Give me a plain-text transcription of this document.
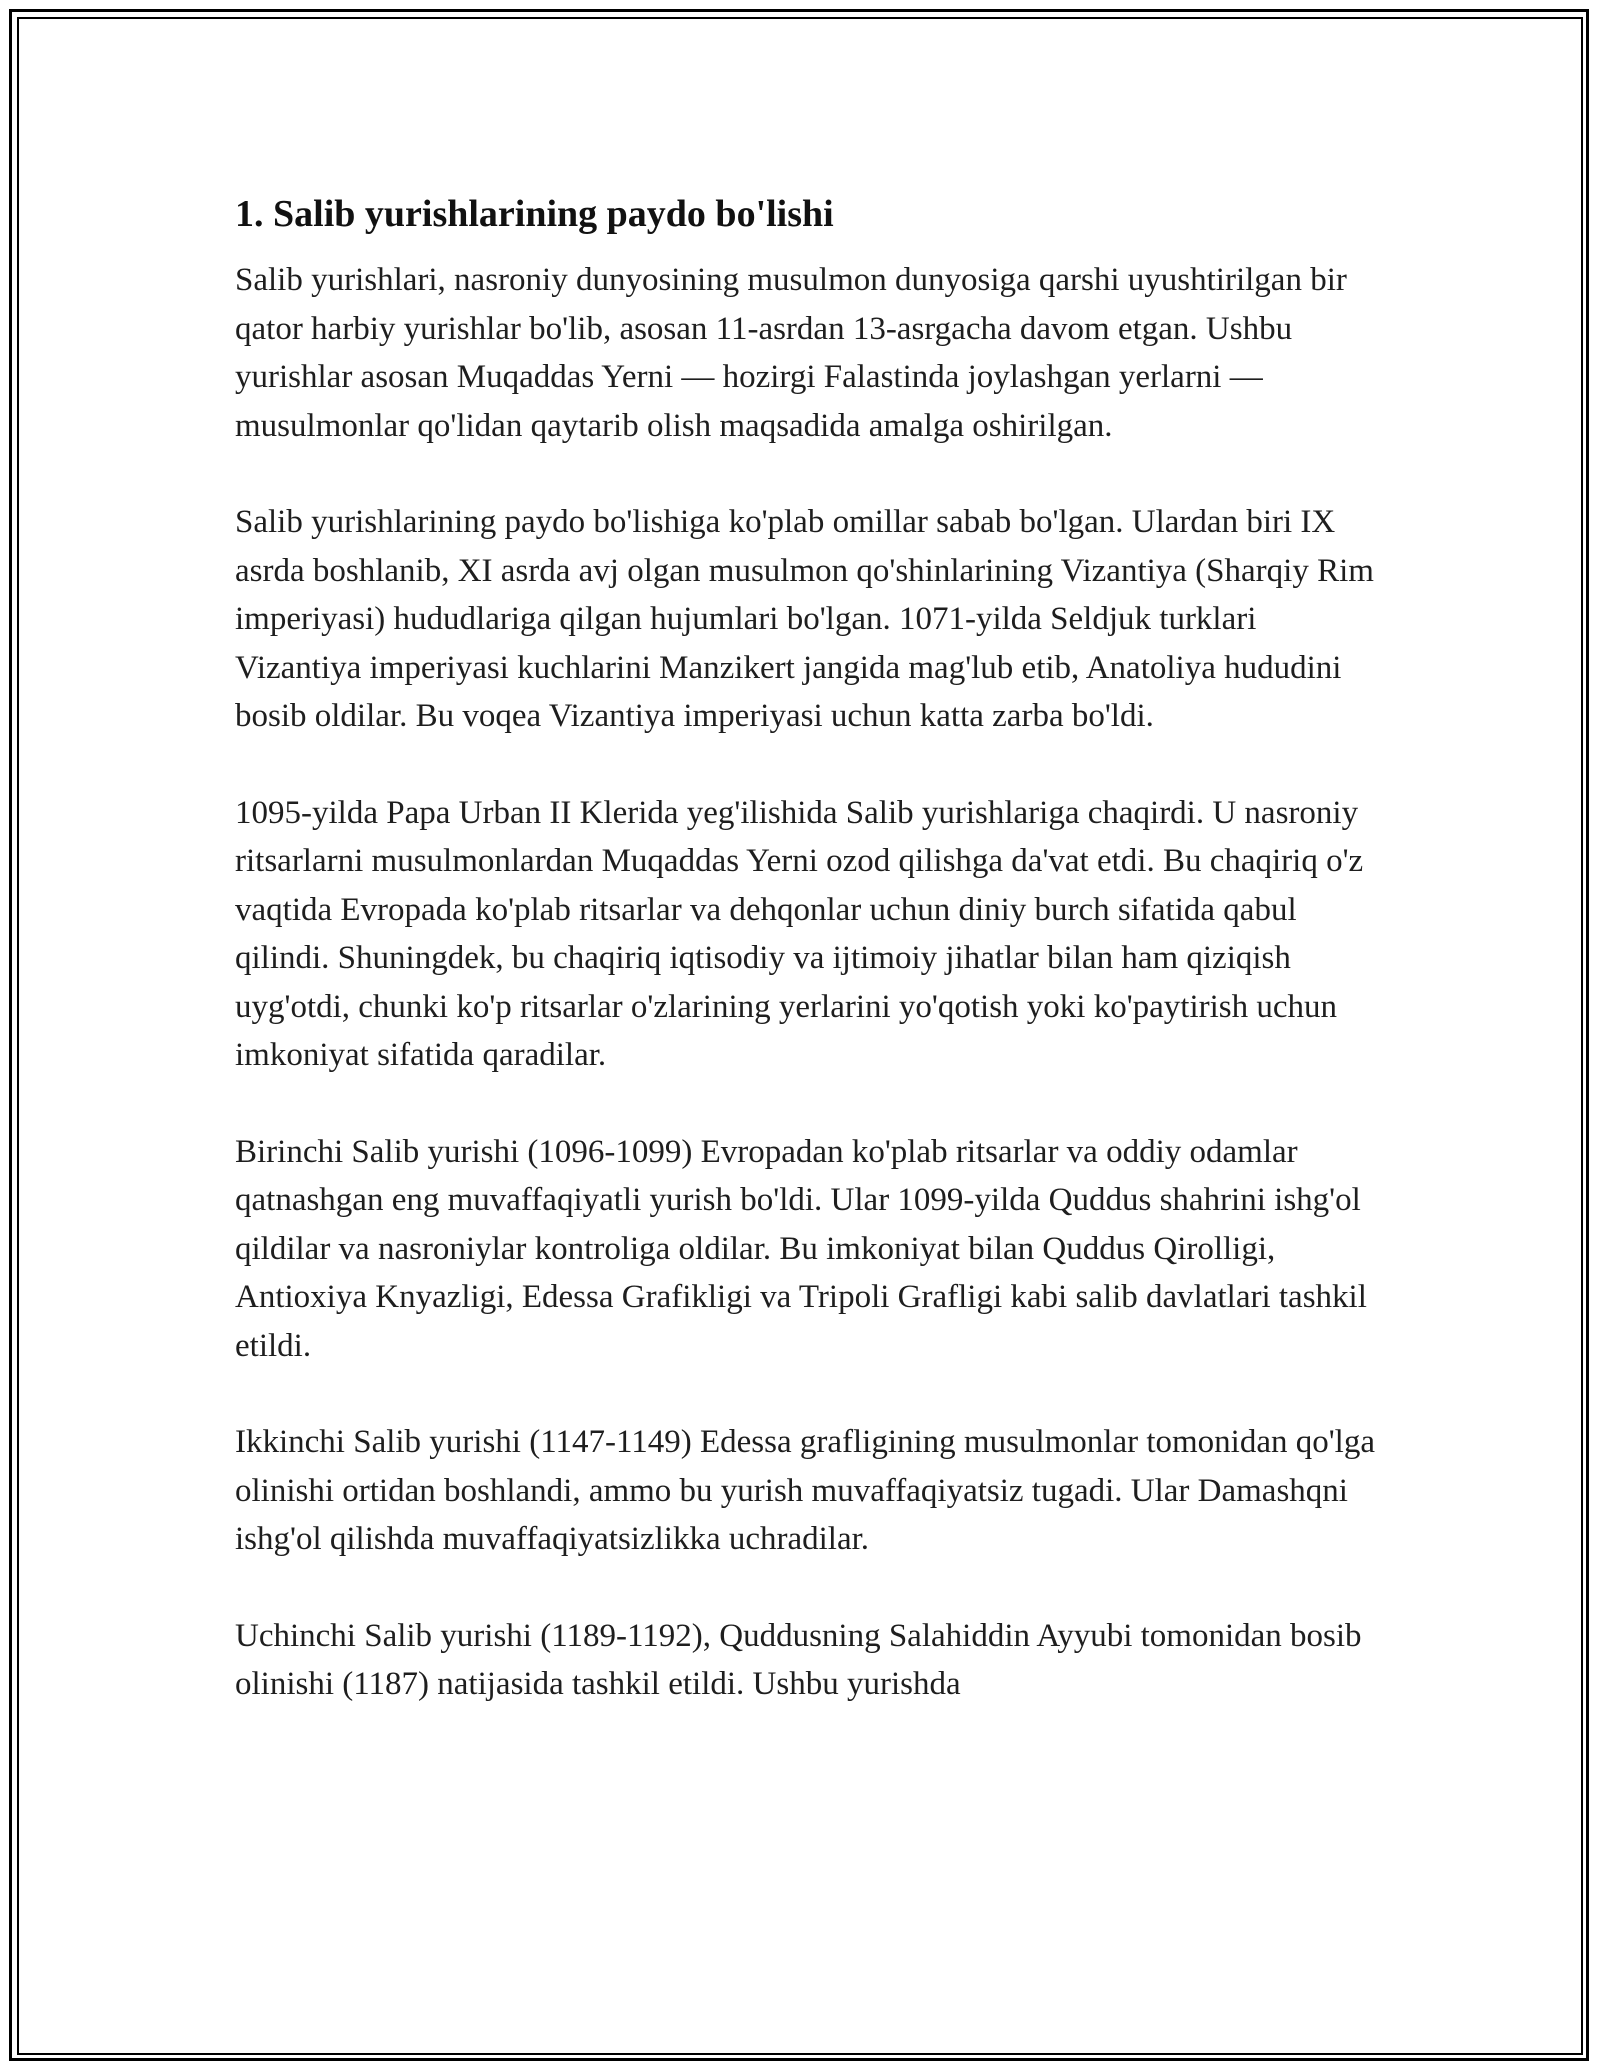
1. Salib yurishlarining paydo bo'lishi

Salib yurishlari, nasroniy dunyosining musulmon dunyosiga qarshi uyushtirilgan bir qator harbiy yurishlar bo'lib, asosan 11-asrdan 13-asrgacha davom etgan. Ushbu yurishlar asosan Muqaddas Yerni — hozirgi Falastinda joylashgan yerlarni — musulmonlar qo'lidan qaytarib olish maqsadida amalga oshirilgan.

Salib yurishlarining paydo bo'lishiga ko'plab omillar sabab bo'lgan. Ulardan biri IX asrda boshlanib, XI asrda avj olgan musulmon qo'shinlarining Vizantiya (Sharqiy Rim imperiyasi) hududlariga qilgan hujumlari bo'lgan. 1071-yilda Seldjuk turklari Vizantiya imperiyasi kuchlarini Manzikert jangida mag'lub etib, Anatoliya hududini bosib oldilar. Bu voqea Vizantiya imperiyasi uchun katta zarba bo'ldi.

1095-yilda Papa Urban II Klerida yeg'ilishida Salib yurishlariga chaqirdi. U nasroniy ritsarlarni musulmonlardan Muqaddas Yerni ozod qilishga da'vat etdi. Bu chaqiriq o'z vaqtida Evropada ko'plab ritsarlar va dehqonlar uchun diniy burch sifatida qabul qilindi. Shuningdek, bu chaqiriq iqtisodiy va ijtimoiy jihatlar bilan ham qiziqish uyg'otdi, chunki ko'p ritsarlar o'zlarining yerlarini yo'qotish yoki ko'paytirish uchun imkoniyat sifatida qaradilar.

Birinchi Salib yurishi (1096-1099) Evropadan ko'plab ritsarlar va oddiy odamlar qatnashgan eng muvaffaqiyatli yurish bo'ldi. Ular 1099-yilda Quddus shahrini ishg'ol qildilar va nasroniylar kontroliga oldilar. Bu imkoniyat bilan Quddus Qirolligi, Antioxiya Knyazligi, Edessa Grafikligi va Tripoli Grafligi kabi salib davlatlari tashkil etildi.

Ikkinchi Salib yurishi (1147-1149) Edessa grafligining musulmonlar tomonidan qo'lga olinishi ortidan boshlandi, ammo bu yurish muvaffaqiyatsiz tugadi. Ular Damashqni ishg'ol qilishda muvaffaqiyatsizlikka uchradilar.

Uchinchi Salib yurishi (1189-1192), Quddusning Salahiddin Ayyubi tomonidan bosib olinishi (1187) natijasida tashkil etildi. Ushbu yurishda
